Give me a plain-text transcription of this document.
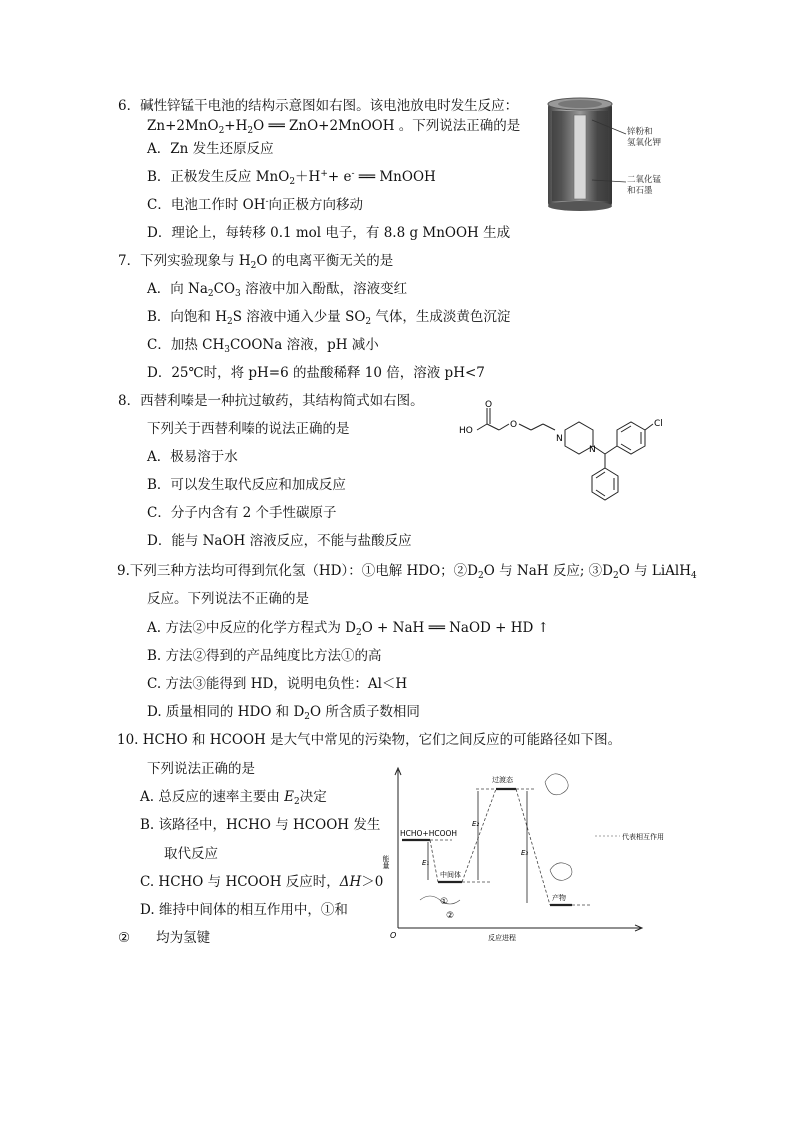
6．碱性锌锰干电池的结构示意图如右图。该电池放电时发生反应：
$Zn+2MnO_2+H_2O$ ══ ZnO+2MnOOH 。下列说法正确的是
A．Zn 发生还原反应
B．正极发生反应 MnO$_2$＋H++ e- ══ MnOOH
C．电池工作时 OH-向正极方向移动
D．理论上，每转移 0.1 mol 电子，有 8.8 g MnOOH 生成
锌粉和
氢氧化钾
二氧化锰
和石墨
7．下列实验现象与 $H_2O$ 的电离平衡无关的是
A．向 $Na_2CO_3$ 溶液中加入酚酞，溶液变红
B．向饱和 $H_2S$ 溶液中通入少量 $SO_2$ 气体，生成淡黄色沉淀
C．加热 $CH_3COONa$ 溶液，pH 减小
D．25℃时，将 pH=6 的盐酸稀释 10 倍，溶液 pH<7
8．西替利嗪是一种抗过敏药，其结构简式如右图。
下列关于西替利嗪的说法正确的是
A．极易溶于水
B．可以发生取代反应和加成反应
C．分子内含有 2 个手性碳原子
D．能与 NaOH 溶液反应，不能与盐酸反应
HO
O
O
N
N
Cl
9.下列三种方法均可得到氘化氢（HD）：①电解 HDO；$②D_2O$ 与 NaH 反应; $③D_2O$ 与 LiAlH$_4$
反应。下列说法不正确的是
A. 方法②中反应的化学方程式为 $D_2O$ + NaH ══ NaOD + HD ↑
B. 方法②得到的产品纯度比方法①的高
C. 方法③能得到 HD，说明电负性：Al＜H
D. 质量相同的 HDO 和 $D_2O$ 所含质子数相同
10. HCHO 和 HCOOH 是大气中常见的污染物，它们之间反应的可能路径如下图。
下列说法正确的是
A. 总反应的速率主要由 $E_2$决定
B. 该路径中，HCHO 与 HCOOH 发生
取代反应
C. HCHO 与 HCOOH 反应时，ΔH＞0
D. 维持中间体的相互作用中，①和
② 均为氢键
能量
反应进程
O
HCHO+HCOOH
过渡态
中间体
产物
代表相互作用
E₁
E₂
E₃
①
②
